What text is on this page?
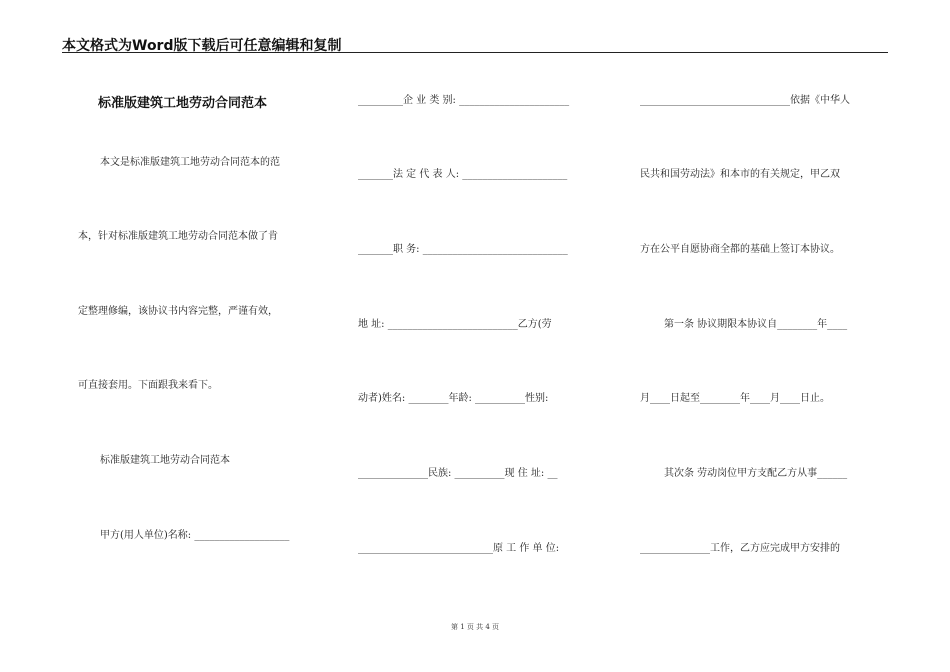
本文格式为Word版下载后可任意编辑和复制
标准版建筑工地劳动合同范本
本文是标准版建筑工地劳动合同范本的范
本，针对标准版建筑工地劳动合同范本做了肯
定整理修编，该协议书内容完整，严谨有效，
可直接套用。下面跟我来看下。
标准版建筑工地劳动合同范本
甲方(用人单位)名称: ___________________
_________企 业 类 别: ______________________
_______法 定 代 表 人: _____________________
_______职 务: _____________________________
地 址: __________________________乙方(劳
动者)姓名: ________年龄: __________性别:
______________民族: __________现 住 址: __
___________________________原 工 作 单 位:
______________________________依据《中华人
民共和国劳动法》和本市的有关规定，甲乙双
方在公平自愿协商全都的基础上签订本协议。
第一条 协议期限本协议自________年____
月____日起至________年____月____日止。
其次条 劳动岗位甲方支配乙方从事______
______________工作，乙方应完成甲方安排的
第 1 页 共 4 页
